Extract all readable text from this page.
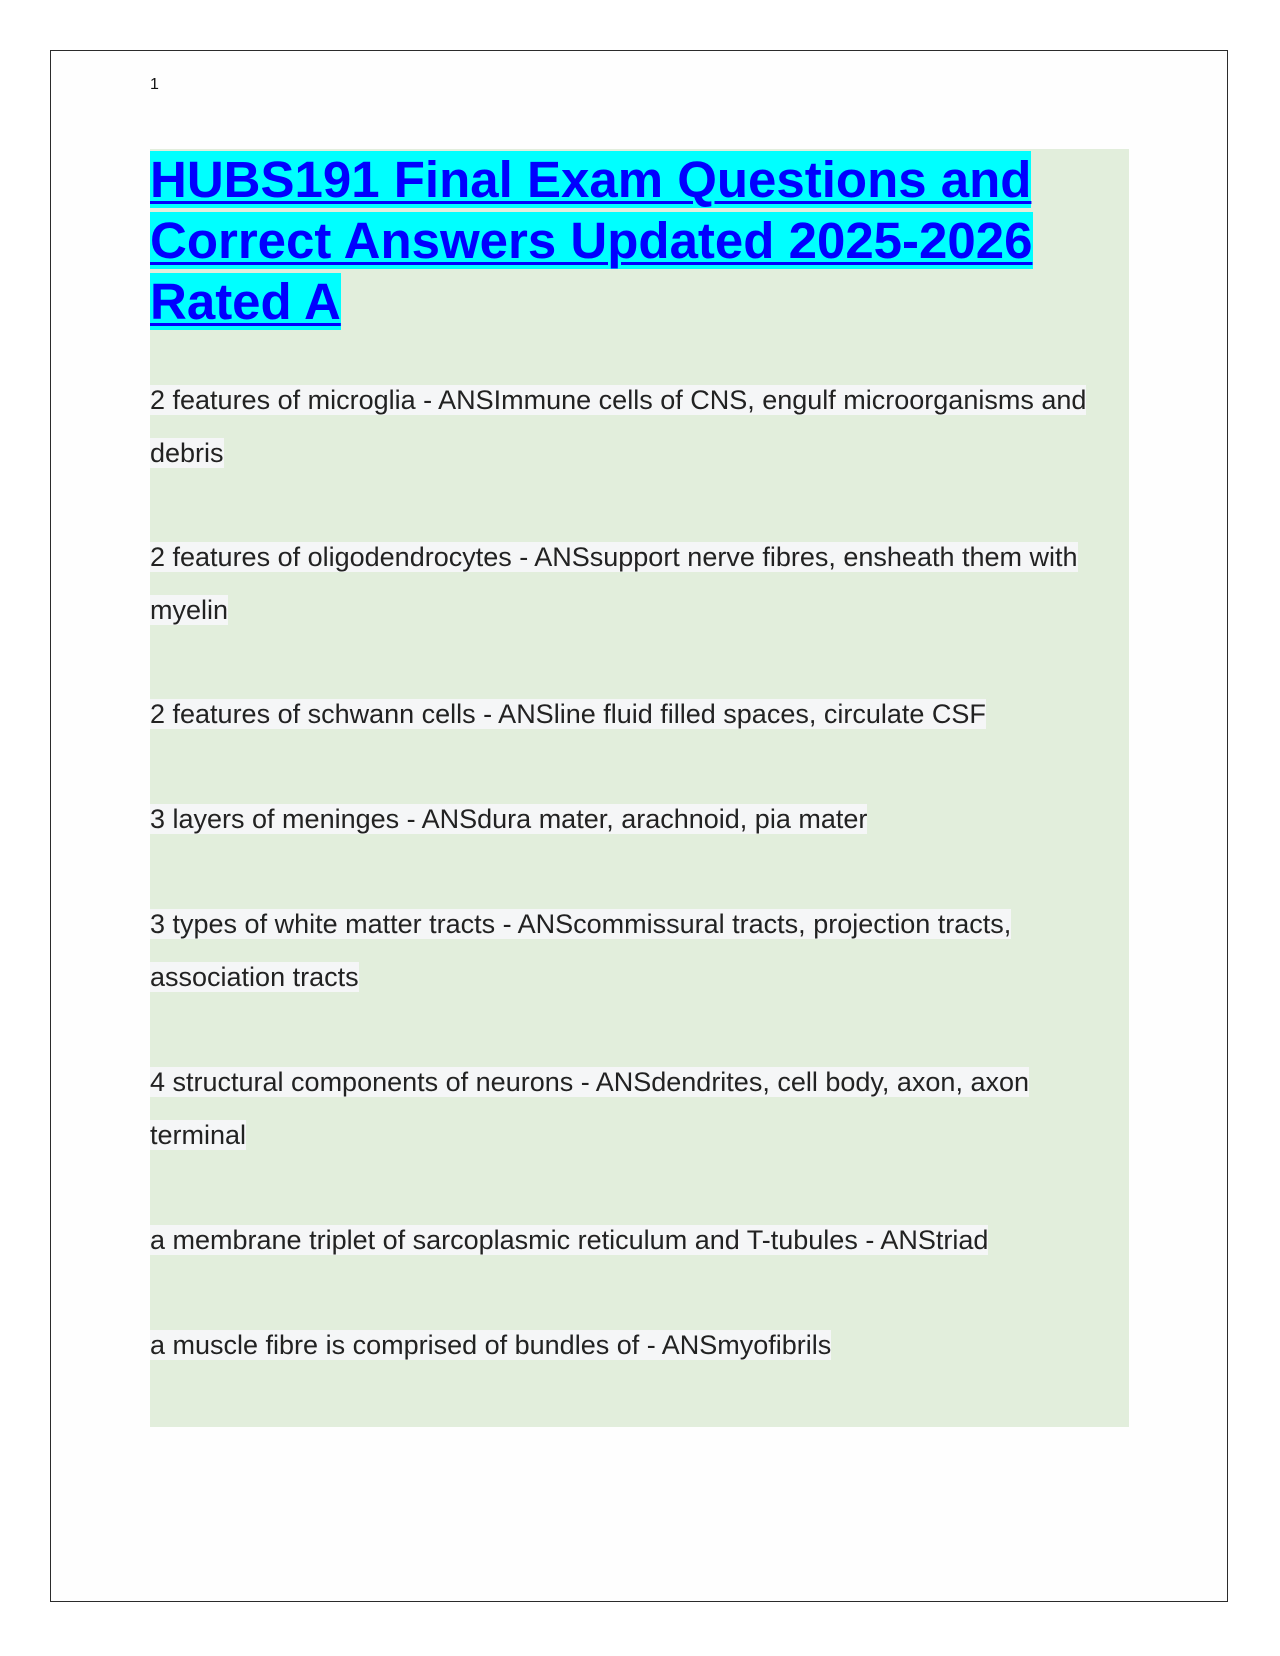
1
HUBS191 Final Exam Questions and Correct Answers Updated 2025-2026 Rated A

2 features of microglia - ANSImmune cells of CNS, engulf microorganisms and debris

2 features of oligodendrocytes - ANSsupport nerve fibres, ensheath them with myelin

2 features of schwann cells - ANSline fluid filled spaces, circulate CSF

3 layers of meninges - ANSdura mater, arachnoid, pia mater

3 types of white matter tracts - ANScommissural tracts, projection tracts, association tracts

4 structural components of neurons - ANSdendrites, cell body, axon, axon terminal

a membrane triplet of sarcoplasmic reticulum and T-tubules - ANStriad

a muscle fibre is comprised of bundles of - ANSmyofibrils
